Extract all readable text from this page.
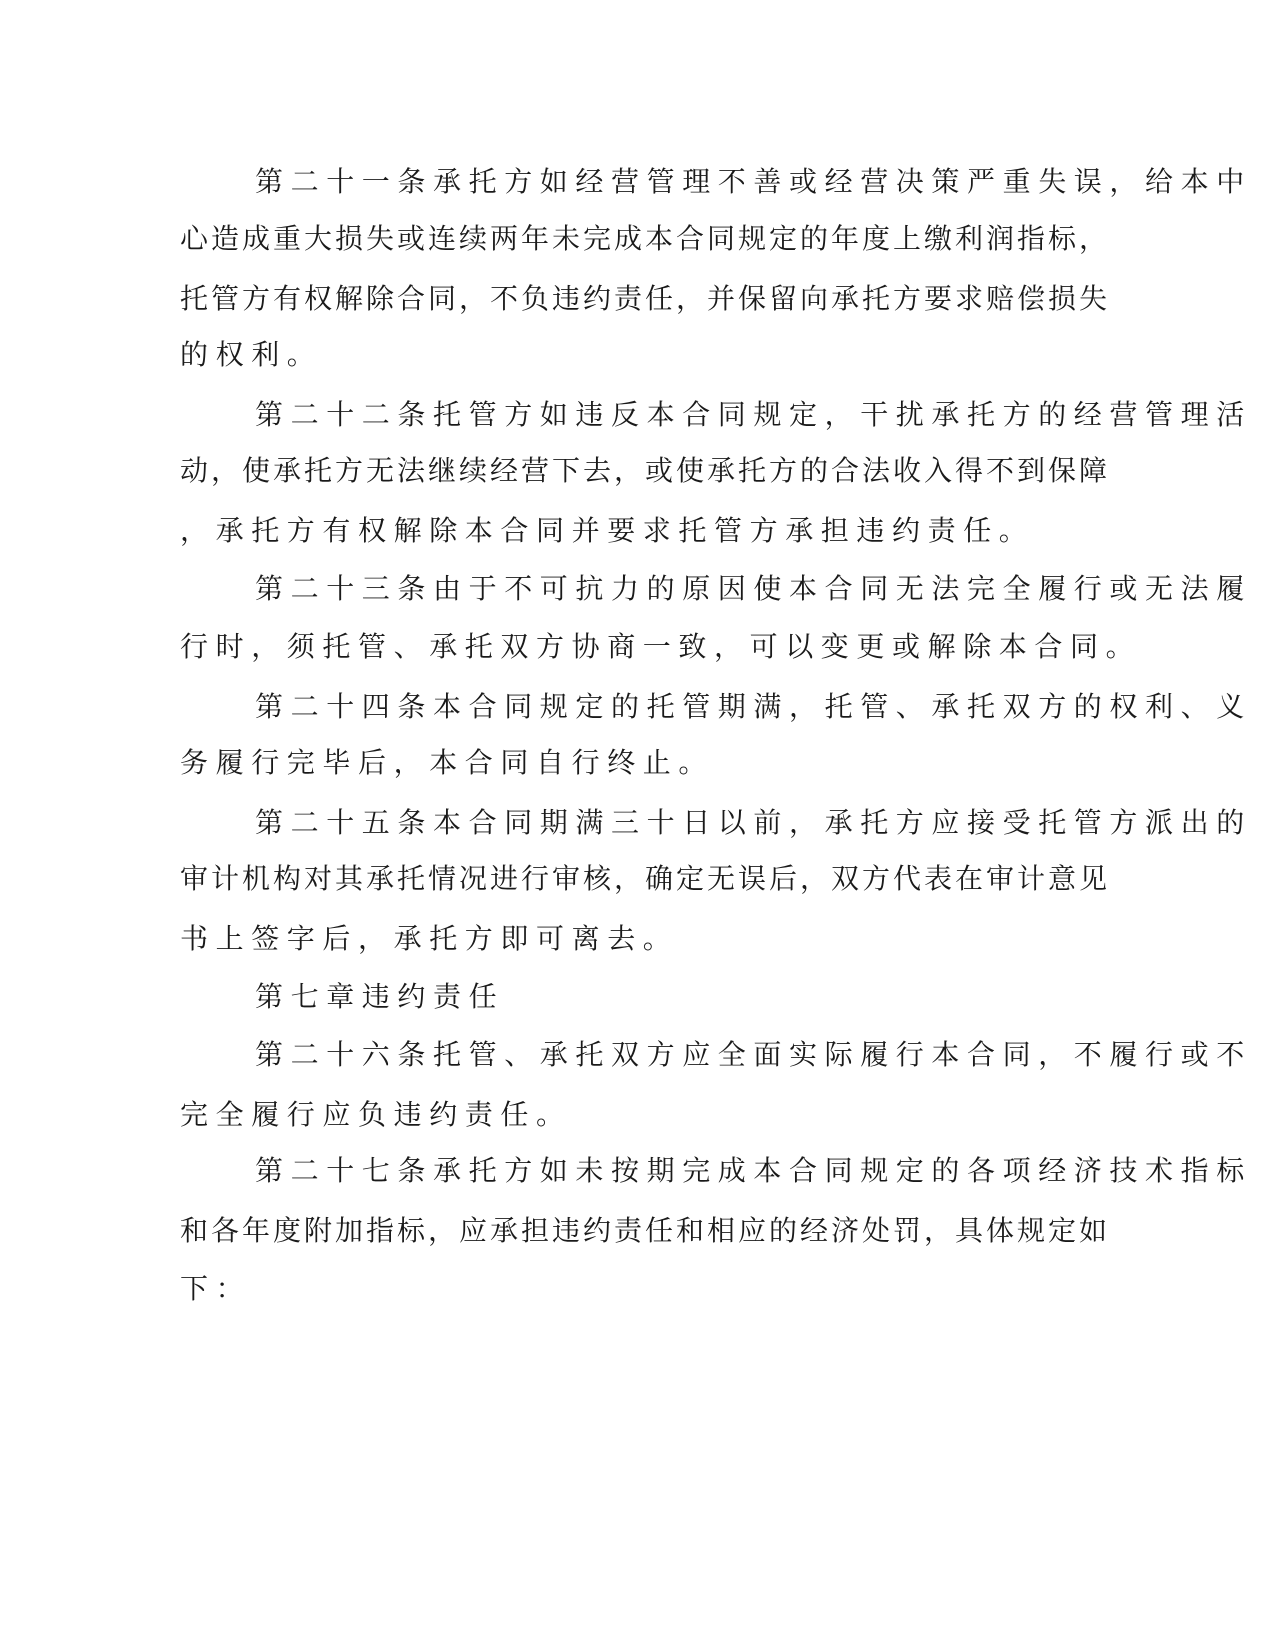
第二十一条承托方如经营管理不善或经营决策严重失误，给本中

心造成重大损失或连续两年未完成本合同规定的年度上缴利润指标，

托管方有权解除合同，不负违约责任，并保留向承托方要求赔偿损失

的权利。

第二十二条托管方如违反本合同规定，干扰承托方的经营管理活

动，使承托方无法继续经营下去，或使承托方的合法收入得不到保障

，承托方有权解除本合同并要求托管方承担违约责任。

第二十三条由于不可抗力的原因使本合同无法完全履行或无法履

行时，须托管、承托双方协商一致，可以变更或解除本合同。

第二十四条本合同规定的托管期满，托管、承托双方的权利、义

务履行完毕后，本合同自行终止。

第二十五条本合同期满三十日以前，承托方应接受托管方派出的

审计机构对其承托情况进行审核，确定无误后，双方代表在审计意见

书上签字后，承托方即可离去。

第七章违约责任

第二十六条托管、承托双方应全面实际履行本合同，不履行或不

完全履行应负违约责任。

第二十七条承托方如未按期完成本合同规定的各项经济技术指标

和各年度附加指标，应承担违约责任和相应的经济处罚，具体规定如

下：
